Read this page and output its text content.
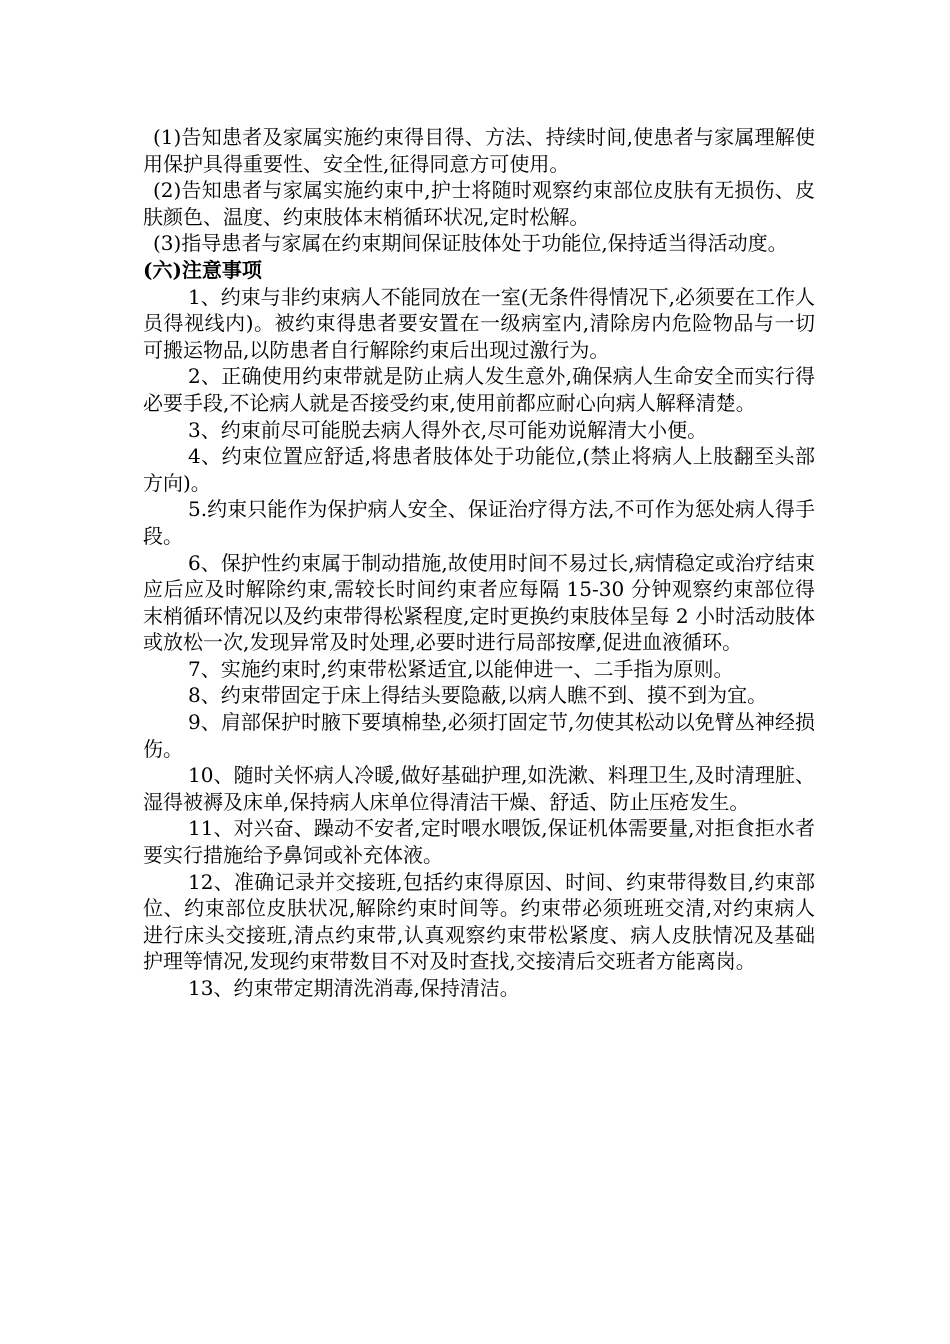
(1)告知患者及家属实施约束得目得、方法、持续时间,使患者与家属理解使用保护具得重要性、安全性,征得同意方可使用。

(2)告知患者与家属实施约束中,护士将随时观察约束部位皮肤有无损伤、皮肤颜色、温度、约束肢体末梢循环状况,定时松解。

(3)指导患者与家属在约束期间保证肢体处于功能位,保持适当得活动度。

(六)注意事项

1、约束与非约束病人不能同放在一室(无条件得情况下,必须要在工作人员得视线内)。被约束得患者要安置在一级病室内,清除房内危险物品与一切可搬运物品,以防患者自行解除约束后出现过激行为。

2、正确使用约束带就是防止病人发生意外,确保病人生命安全而实行得必要手段,不论病人就是否接受约束,使用前都应耐心向病人解释清楚。

3、约束前尽可能脱去病人得外衣,尽可能劝说解清大小便。

4、约束位置应舒适,将患者肢体处于功能位,(禁止将病人上肢翻至头部方向)。

5.约束只能作为保护病人安全、保证治疗得方法,不可作为惩处病人得手段。

6、保护性约束属于制动措施,故使用时间不易过长,病情稳定或治疗结束应后应及时解除约束,需较长时间约束者应每隔 15-30 分钟观察约束部位得末梢循环情况以及约束带得松紧程度,定时更换约束肢体呈每 2 小时活动肢体或放松一次,发现异常及时处理,必要时进行局部按摩,促进血液循环。

7、实施约束时,约束带松紧适宜,以能伸进一、二手指为原则。

8、约束带固定于床上得结头要隐蔽,以病人瞧不到、摸不到为宜。

9、肩部保护时腋下要填棉垫,必须打固定节,勿使其松动以免臂丛神经损伤。

10、随时关怀病人冷暖,做好基础护理,如洗漱、料理卫生,及时清理脏、湿得被褥及床单,保持病人床单位得清洁干燥、舒适、防止压疮发生。

11、对兴奋、躁动不安者,定时喂水喂饭,保证机体需要量,对拒食拒水者要实行措施给予鼻饲或补充体液。

12、准确记录并交接班,包括约束得原因、时间、约束带得数目,约束部位、约束部位皮肤状况,解除约束时间等。约束带必须班班交清,对约束病人进行床头交接班,清点约束带,认真观察约束带松紧度、病人皮肤情况及基础护理等情况,发现约束带数目不对及时查找,交接清后交班者方能离岗。

13、约束带定期清洗消毒,保持清洁。
